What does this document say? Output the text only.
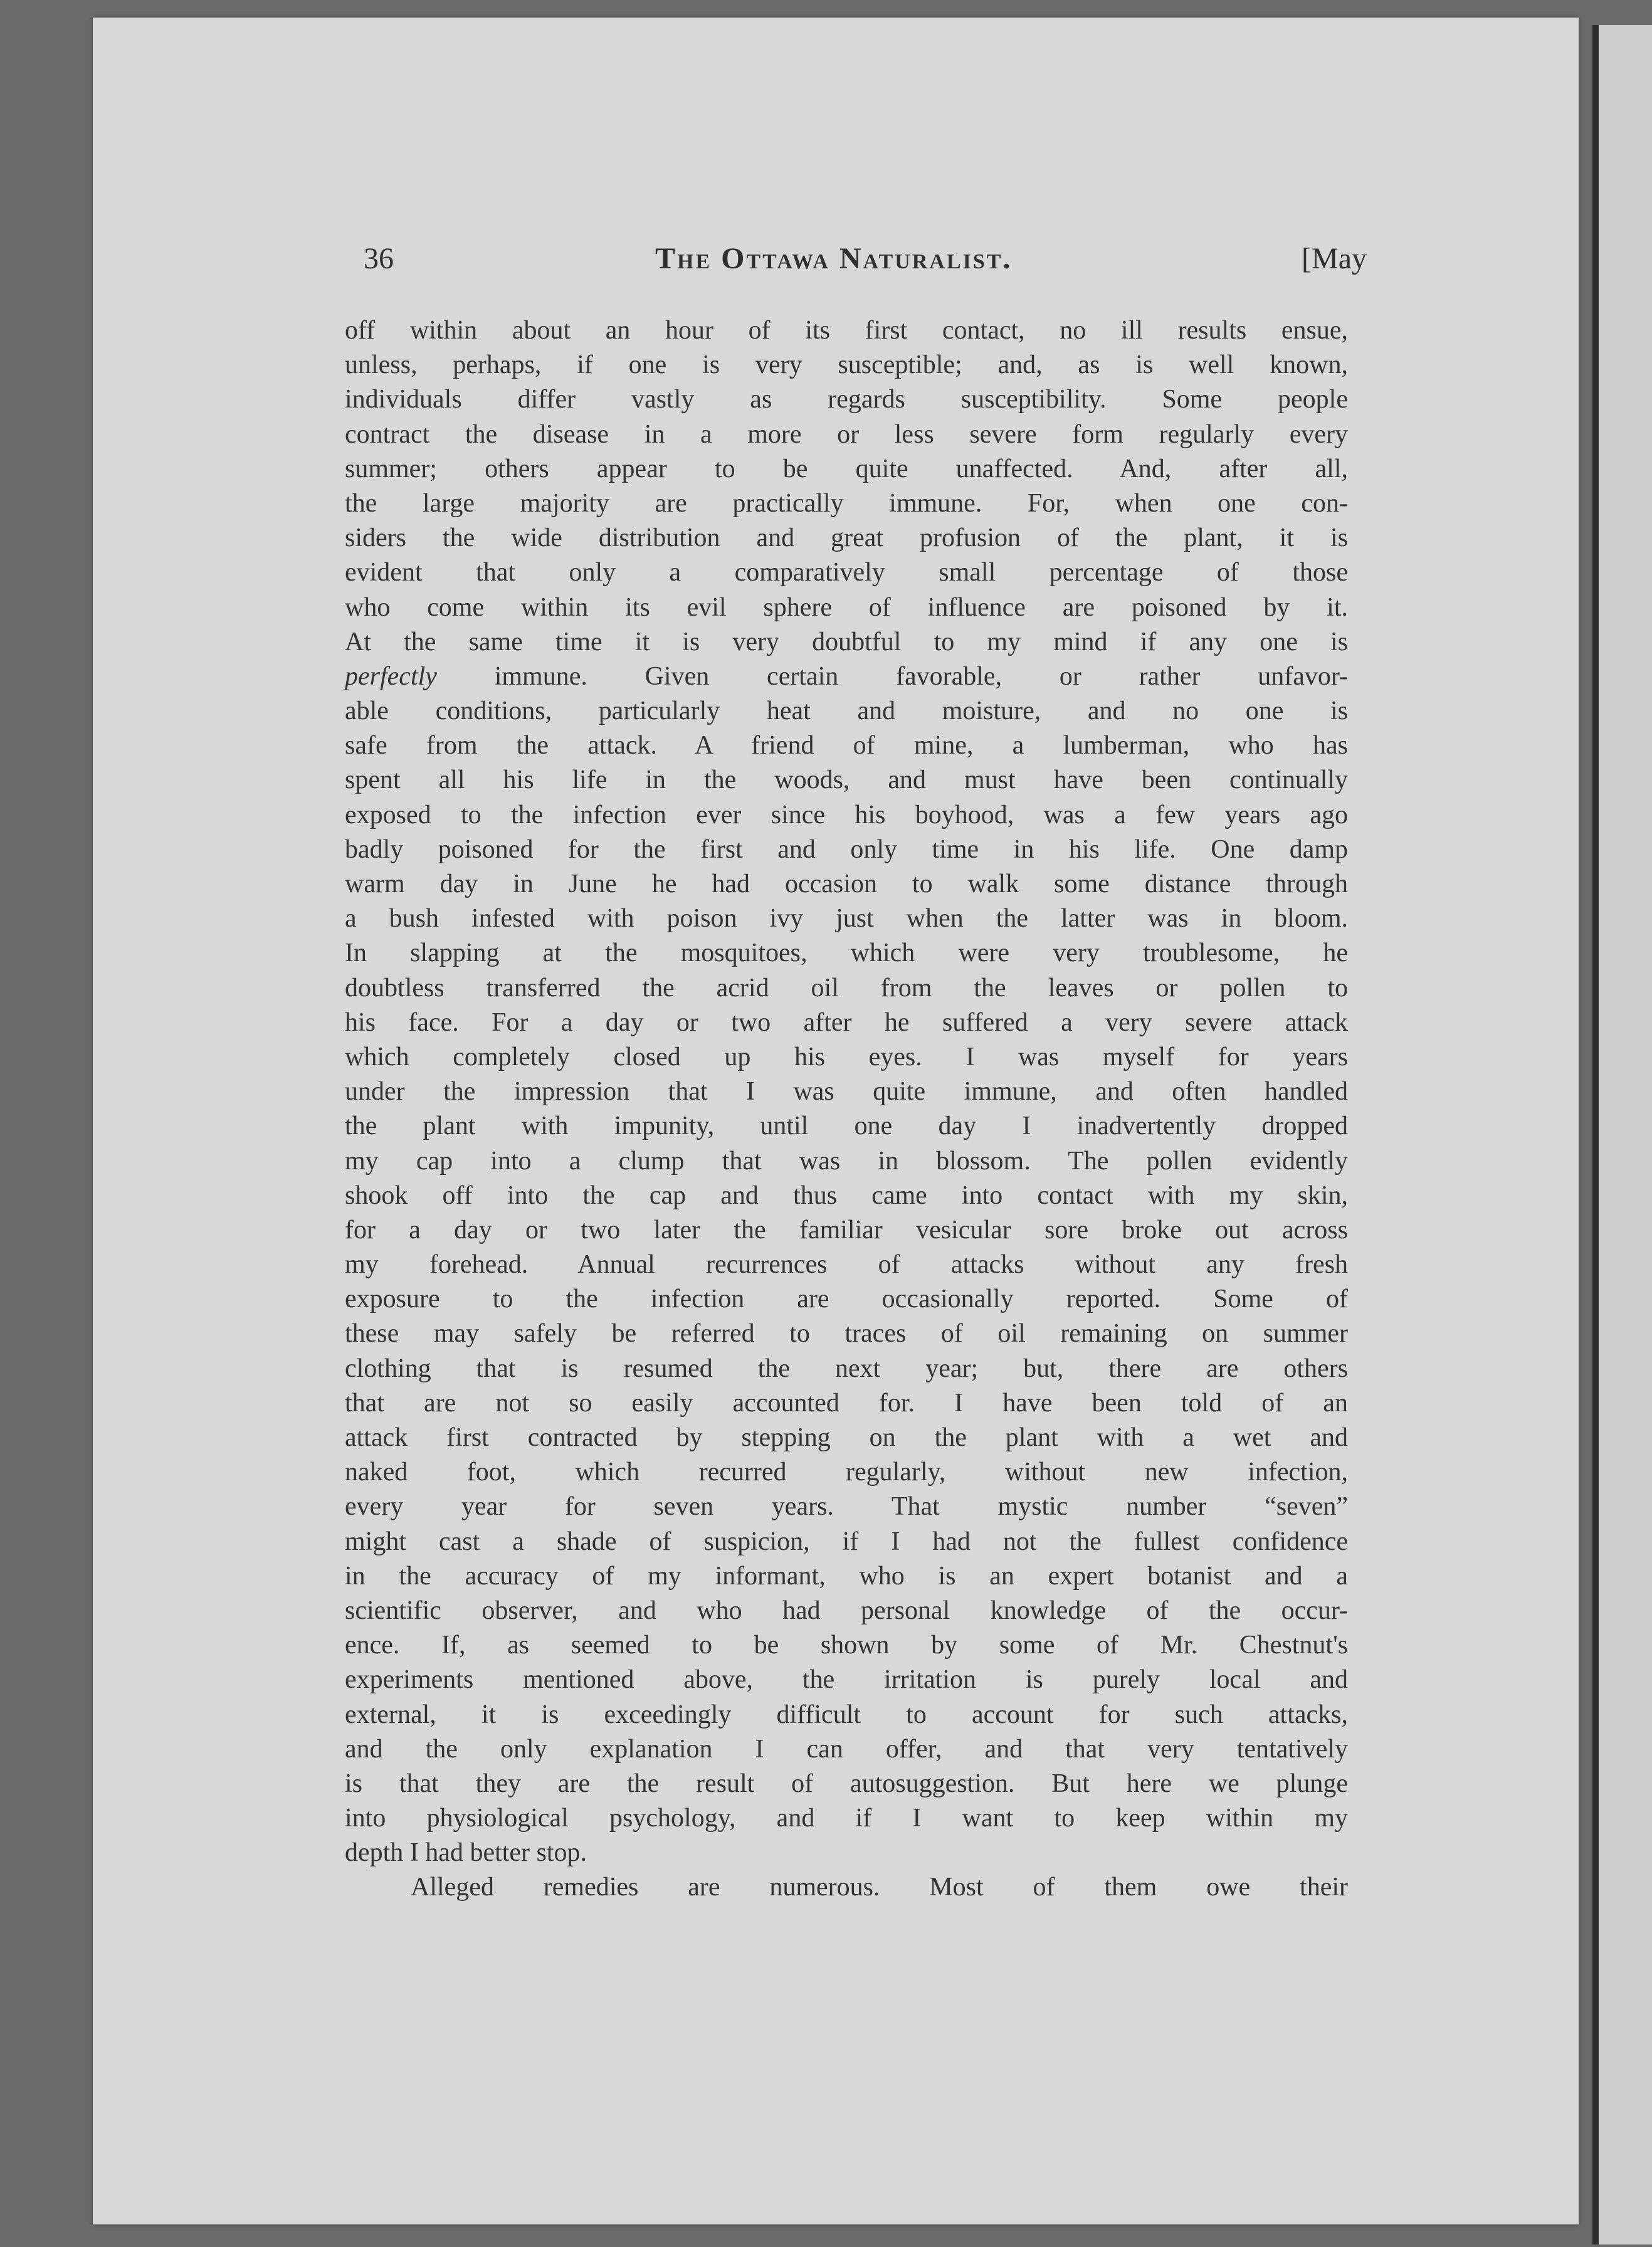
36	The Ottawa Naturalist.	[May
off within about an hour of its first contact, no ill results ensue,
unless, perhaps, if one is very susceptible; and, as is well known,
individuals differ vastly as regards susceptibility. Some people
contract the disease in a more or less severe form regularly every
summer; others appear to be quite unaffected. And, after all,
the large majority are practically immune. For, when one con-
siders the wide distribution and great profusion of the plant, it is
evident that only a comparatively small percentage of those
who come within its evil sphere of influence are poisoned by it.
At the same time it is very doubtful to my mind if any one is
perfectly immune. Given certain favorable, or rather unfavor-
able conditions, particularly heat and moisture, and no one is
safe from the attack. A friend of mine, a lumberman, who has
spent all his life in the woods, and must have been continually
exposed to the infection ever since his boyhood, was a few years ago
badly poisoned for the first and only time in his life. One damp
warm day in June he had occasion to walk some distance through
a bush infested with poison ivy just when the latter was in bloom.
In slapping at the mosquitoes, which were very troublesome, he
doubtless transferred the acrid oil from the leaves or pollen to
his face. For a day or two after he suffered a very severe attack
which completely closed up his eyes. I was myself for years
under the impression that I was quite immune, and often handled
the plant with impunity, until one day I inadvertently dropped
my cap into a clump that was in blossom. The pollen evidently
shook off into the cap and thus came into contact with my skin,
for a day or two later the familiar vesicular sore broke out across
my forehead. Annual recurrences of attacks without any fresh
exposure to the infection are occasionally reported. Some of
these may safely be referred to traces of oil remaining on summer
clothing that is resumed the next year; but, there are others
that are not so easily accounted for. I have been told of an
attack first contracted by stepping on the plant with a wet and
naked foot, which recurred regularly, without new infection,
every year for seven years. That mystic number “seven”
might cast a shade of suspicion, if I had not the fullest confidence
in the accuracy of my informant, who is an expert botanist and a
scientific observer, and who had personal knowledge of the occur-
ence. If, as seemed to be shown by some of Mr. Chestnut's
experiments mentioned above, the irritation is purely local and
external, it is exceedingly difficult to account for such attacks,
and the only explanation I can offer, and that very tentatively
is that they are the result of autosuggestion. But here we plunge
into physiological psychology, and if I want to keep within my
depth I had better stop.
Alleged remedies are numerous. Most of them owe their
